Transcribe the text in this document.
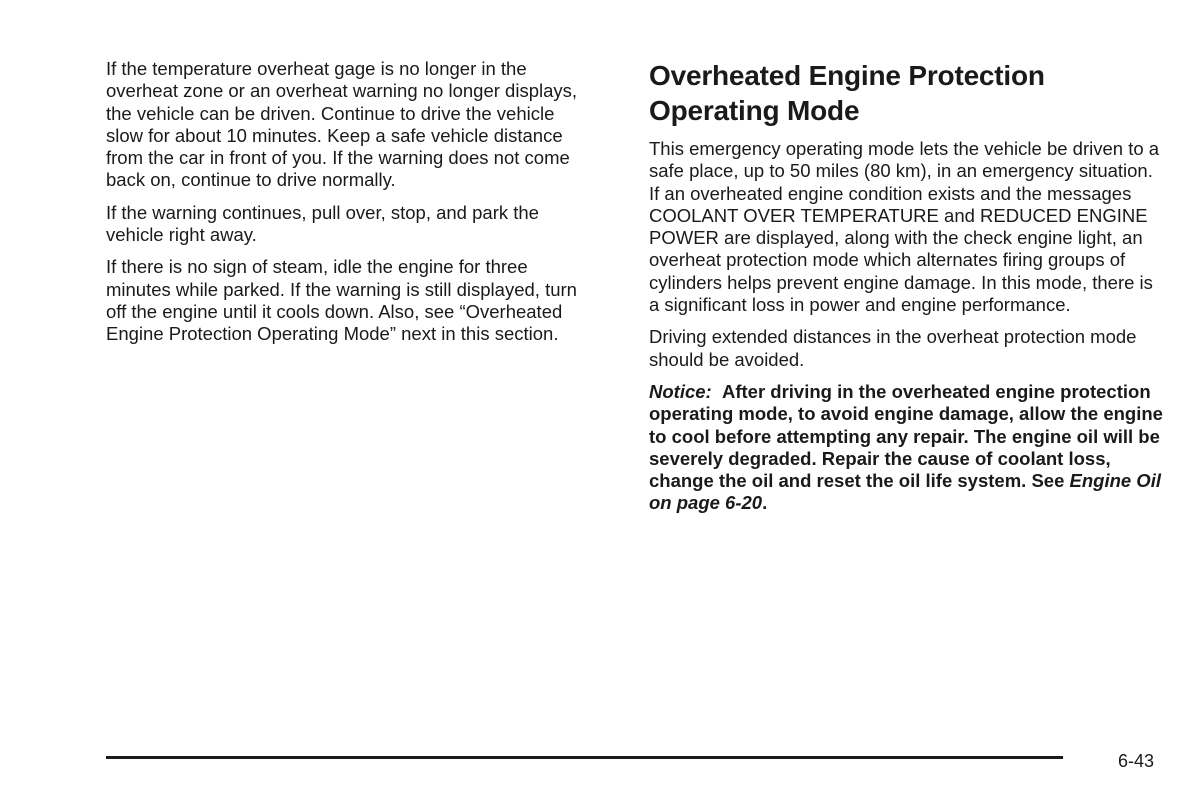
If the temperature overheat gage is no longer in the overheat zone or an overheat warning no longer displays, the vehicle can be driven. Continue to drive the vehicle slow for about 10 minutes. Keep a safe vehicle distance from the car in front of you. If the warning does not come back on, continue to drive normally.

If the warning continues, pull over, stop, and park the vehicle right away.

If there is no sign of steam, idle the engine for three minutes while parked. If the warning is still displayed, turn off the engine until it cools down. Also, see “Overheated Engine Protection Operating Mode” next in this section.

Overheated Engine Protection Operating Mode

This emergency operating mode lets the vehicle be driven to a safe place, up to 50 miles (80 km), in an emergency situation. If an overheated engine condition exists and the messages COOLANT OVER TEMPERATURE and REDUCED ENGINE POWER are displayed, along with the check engine light, an overheat protection mode which alternates firing groups of cylinders helps prevent engine damage. In this mode, there is a significant loss in power and engine performance.

Driving extended distances in the overheat protection mode should be avoided.

Notice: After driving in the overheated engine protection operating mode, to avoid engine damage, allow the engine to cool before attempting any repair. The engine oil will be severely degraded. Repair the cause of coolant loss, change the oil and reset the oil life system. See Engine Oil on page 6-20.

6-43
